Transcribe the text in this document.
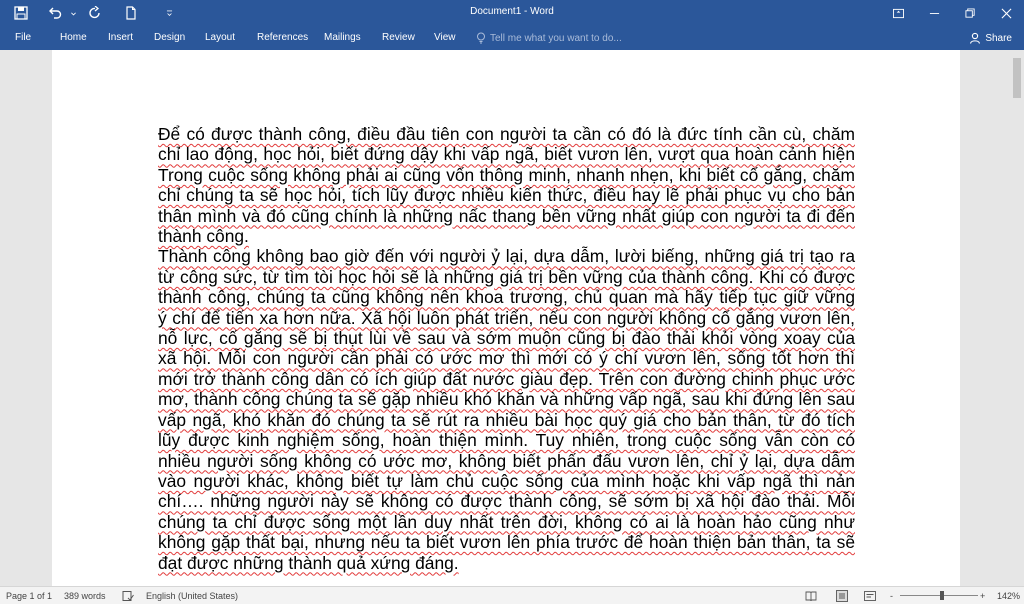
Document1 - Word
File	Home Insert Design Layout References Mailings Review View	Tell me what you want to do...	Share
Để có được thành công, điều đầu tiên con người ta cần có đó là đức tính cần cù, chăm
chỉ lao động, học hỏi, biết đứng dậy khi vấp ngã, biết vươn lên, vượt qua hoàn cảnh hiện
Trong cuộc sống không phải ai cũng vốn thông minh, nhanh nhẹn, khi biết cố gắng, chăm
chỉ chúng ta sẽ học hỏi, tích lũy được nhiều kiến thức, điều hay lẽ phải phục vụ cho bản
thân mình và đó cũng chính là những nấc thang bền vững nhất giúp con người ta đi đến
thành công.
Thành công không bao giờ đến với người ỷ lại, dựa dẫm, lười biếng, những giá trị tạo ra
từ công sức, từ tìm tòi học hỏi sẽ là những giá trị bền vững của thành công. Khi có được
thành công, chúng ta cũng không nên khoa trương, chủ quan mà hãy tiếp tục giữ vững
ý chí để tiến xa hơn nữa. Xã hội luôn phát triển, nếu con người không cố gắng vươn lên,
nỗ lực, cố gắng sẽ bị thụt lùi về sau và sớm muộn cũng bị đào thải khỏi vòng xoay của
xã hội. Mỗi con người cần phải có ước mơ thì mới có ý chí vươn lên, sống tốt hơn thì
mới trở thành công dân có ích giúp đất nước giàu đẹp. Trên con đường chinh phục ước
mơ, thành công chúng ta sẽ gặp nhiều khó khăn và những vấp ngã, sau khi đứng lên sau
vấp ngã, khó khăn đó chúng ta sẽ rút ra nhiều bài học quý giá cho bản thân, từ đó tích
lũy được kinh nghiệm sống, hoàn thiện mình. Tuy nhiên, trong cuộc sống vẫn còn có
nhiều người sống không có ước mơ, không biết phấn đấu vươn lên, chỉ ỷ lại, dựa dẫm
vào người khác, không biết tự làm chủ cuộc sống của mình hoặc khi vấp ngã thì nản
chí…. những người này sẽ không có được thành công, sẽ sớm bị xã hội đào thải. Mỗi
chúng ta chỉ được sống một lần duy nhất trên đời, không có ai là hoàn hảo cũng như
không gặp thất bại, nhưng nếu ta biết vươn lên phía trước để hoàn thiện bản thân, ta sẽ
đạt được những thành quả xứng đáng.
Page 1 of 1 389 words	English (United States)	-	+ 142%
